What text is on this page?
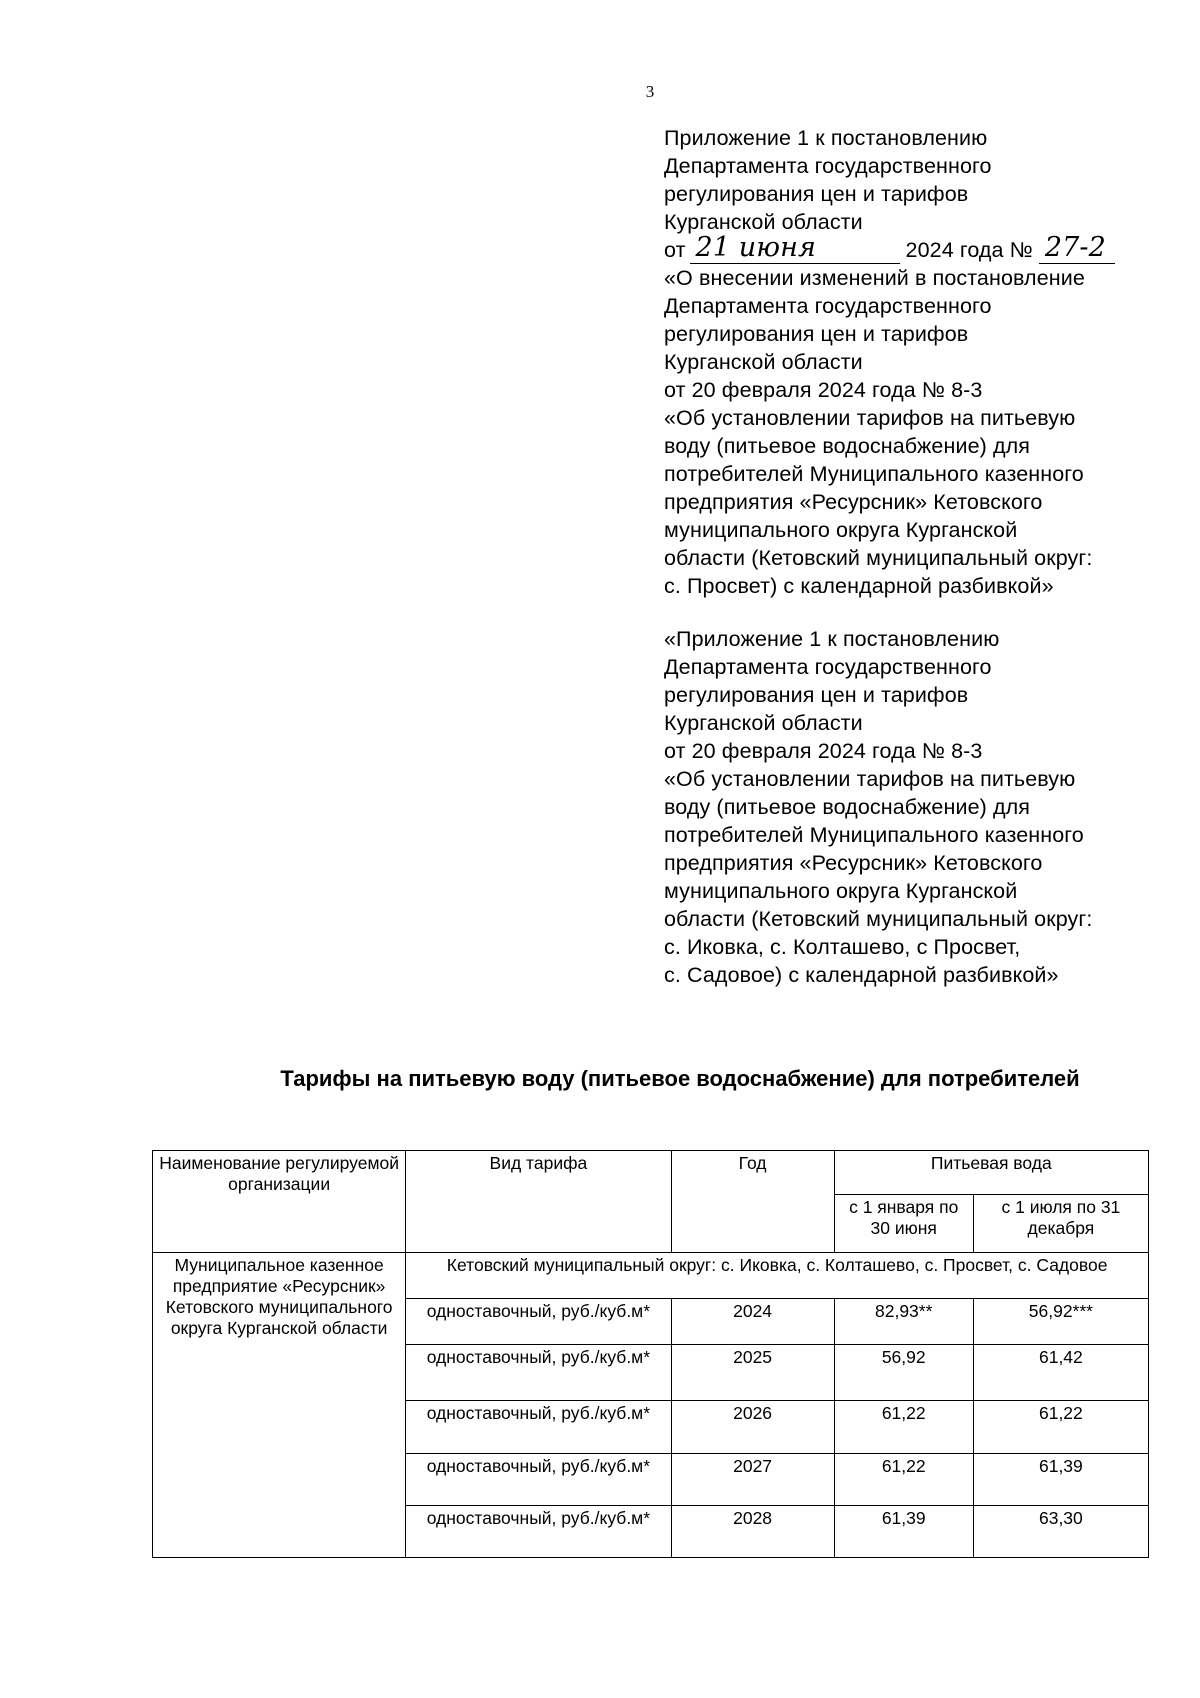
3
Приложение 1 к постановлению
Департамента государственного
регулирования цен и тарифов
Курганской области
от 21 июня	2024 года № 27-2
«О внесении изменений в постановление
Департамента государственного
регулирования цен и тарифов
Курганской области
от 20 февраля 2024 года № 8-3
«Об установлении тарифов на питьевую
воду (питьевое водоснабжение) для
потребителей Муниципального казенного
предприятия «Ресурсник» Кетовского
муниципального округа Курганской
области (Кетовский муниципальный округ:
с. Просвет) с календарной разбивкой»
«Приложение 1 к постановлению
Департамента государственного
регулирования цен и тарифов
Курганской области
от 20 февраля 2024 года № 8-3
«Об установлении тарифов на питьевую
воду (питьевое водоснабжение) для
потребителей Муниципального казенного
предприятия «Ресурсник» Кетовского
муниципального округа Курганской
области (Кетовский муниципальный округ:
с. Иковка, с. Колташево, с Просвет,
с. Садовое) с календарной разбивкой»
Тарифы на питьевую воду (питьевое водоснабжение) для потребителей
Наименование регулируемой организации	Вид тарифа	Год	Питьевая вода	
			с 1 января по 30 июня	с 1 июля по 31 декабря
Муниципальное казенное предприятие «Ресурсник» Кетовского муниципального округа Курганской области	Кетовский муниципальный округ: с. Иковка, с. Колташево, с. Просвет, с. Садовое			
	одноставочный, руб./куб.м*	2024	82,93**	56,92***
	одноставочный, руб./куб.м*	2025	56,92	61,42
	одноставочный, руб./куб.м*	2026	61,22	61,22
	одноставочный, руб./куб.м*	2027	61,22	61,39
	одноставочный, руб./куб.м*	2028	61,39	63,30
